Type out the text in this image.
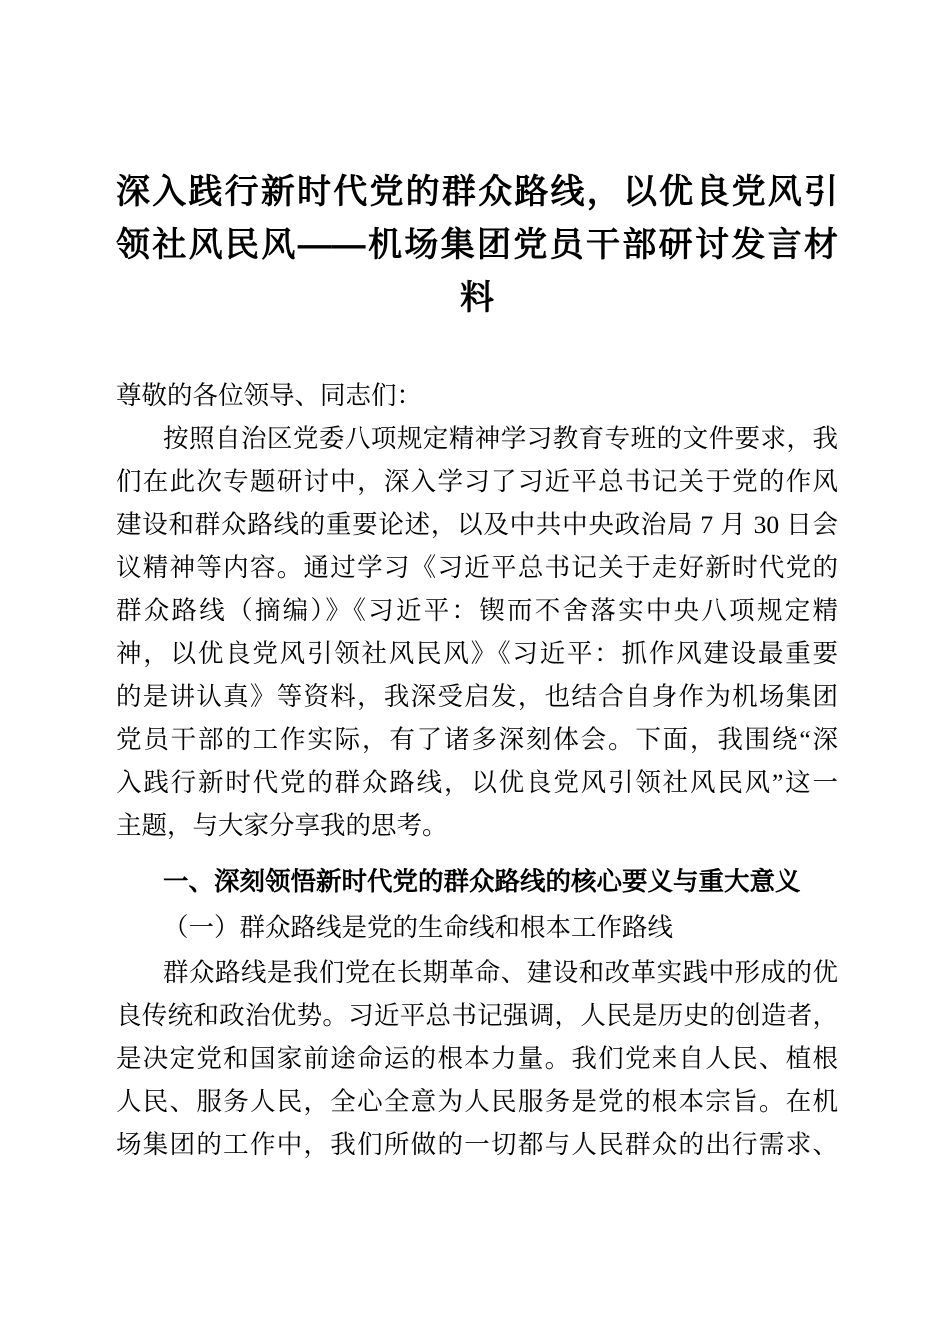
深入践行新时代党的群众路线，以优良党风引
领社风民风——机场集团党员干部研讨发言材
料
尊敬的各位领导、同志们：
按照自治区党委八项规定精神学习教育专班的文件要求，我
们在此次专题研讨中，深入学习了习近平总书记关于党的作风
建设和群众路线的重要论述，以及中共中央政治局 7 月 30 日会
议精神等内容。通过学习《习近平总书记关于走好新时代党的
群众路线（摘编）》《习近平：锲而不舍落实中央八项规定精
神，以优良党风引领社风民风》《习近平：抓作风建设最重要
的是讲认真》等资料，我深受启发，也结合自身作为机场集团
党员干部的工作实际，有了诸多深刻体会。下面，我围绕“深
入践行新时代党的群众路线，以优良党风引领社风民风”这一
主题，与大家分享我的思考。
一、深刻领悟新时代党的群众路线的核心要义与重大意义
（一）群众路线是党的生命线和根本工作路线
群众路线是我们党在长期革命、建设和改革实践中形成的优
良传统和政治优势。习近平总书记强调，人民是历史的创造者，
是决定党和国家前途命运的根本力量。我们党来自人民、植根
人民、服务人民，全心全意为人民服务是党的根本宗旨。在机
场集团的工作中，我们所做的一切都与人民群众的出行需求、
